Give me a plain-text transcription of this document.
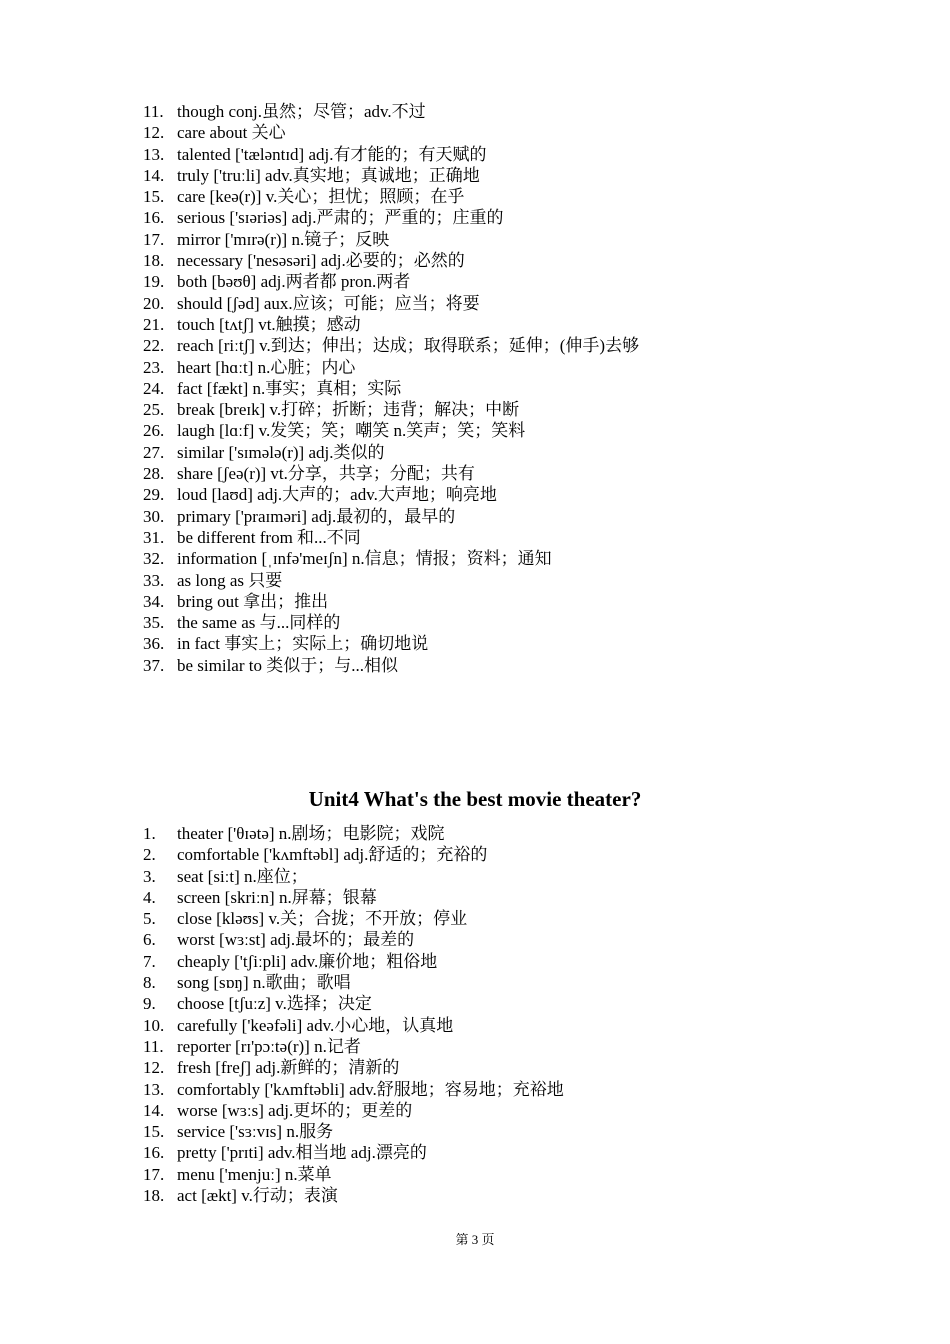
11. though conj.虽然；尽管；adv.不过
12. care about 关心
13. talented ['tæləntɪd] adj.有才能的；有天赋的
14. truly ['truːli] adv.真实地；真诚地；正确地
15. care [keə(r)] v.关心；担忧；照顾；在乎
16. serious ['sɪəriəs] adj.严肃的；严重的；庄重的
17. mirror ['mɪrə(r)] n.镜子；反映
18. necessary ['nesəsəri] adj.必要的；必然的
19. both [bəʊθ] adj.两者都 pron.两者
20. should [ʃəd] aux.应该；可能；应当；将要
21. touch [tʌtʃ] vt.触摸；感动
22. reach [riːtʃ] v.到达；伸出；达成；取得联系；延伸；(伸手)去够
23. heart [hɑːt] n.心脏；内心
24. fact [fækt] n.事实；真相；实际
25. break [breɪk] v.打碎；折断；违背；解决；中断
26. laugh [lɑːf] v.发笑；笑；嘲笑 n.笑声；笑；笑料
27. similar ['sɪmələ(r)] adj.类似的
28. share [ʃeə(r)] vt.分享，共享；分配；共有
29. loud [laʊd] adj.大声的；adv.大声地；响亮地
30. primary ['praɪməri] adj.最初的，最早的
31. be different from 和...不同
32. information [ˌɪnfə'meɪʃn] n.信息；情报；资料；通知
33. as long as 只要
34. bring out 拿出；推出
35. the same as 与...同样的
36. in fact 事实上；实际上；确切地说
37. be similar to 类似于；与...相似
Unit4 What's the best movie theater?
1.	theater ['θɪətə] n.剧场；电影院；戏院
2.	comfortable ['kʌmftəbl] adj.舒适的；充裕的
3.	seat [siːt] n.座位；
4.	screen [skriːn] n.屏幕；银幕
5.	close [kləʊs] v.关；合拢；不开放；停业
6.	worst [wɜːst] adj.最坏的；最差的
7.	cheaply ['tʃiːpli] adv.廉价地；粗俗地
8.	song [sɒŋ] n.歌曲；歌唱
9.	choose [tʃuːz] v.选择；决定
10. carefully ['keəfəli] adv.小心地，认真地
11. reporter [rɪ'pɔːtə(r)] n.记者
12. fresh [freʃ] adj.新鲜的；清新的
13. comfortably ['kʌmftəbli] adv.舒服地；容易地；充裕地
14. worse [wɜːs] adj.更坏的；更差的
15. service ['sɜːvɪs] n.服务
16. pretty ['prɪti] adv.相当地 adj.漂亮的
17. menu ['menjuː] n.菜单
18. act [ækt] v.行动；表演
第 3 页
